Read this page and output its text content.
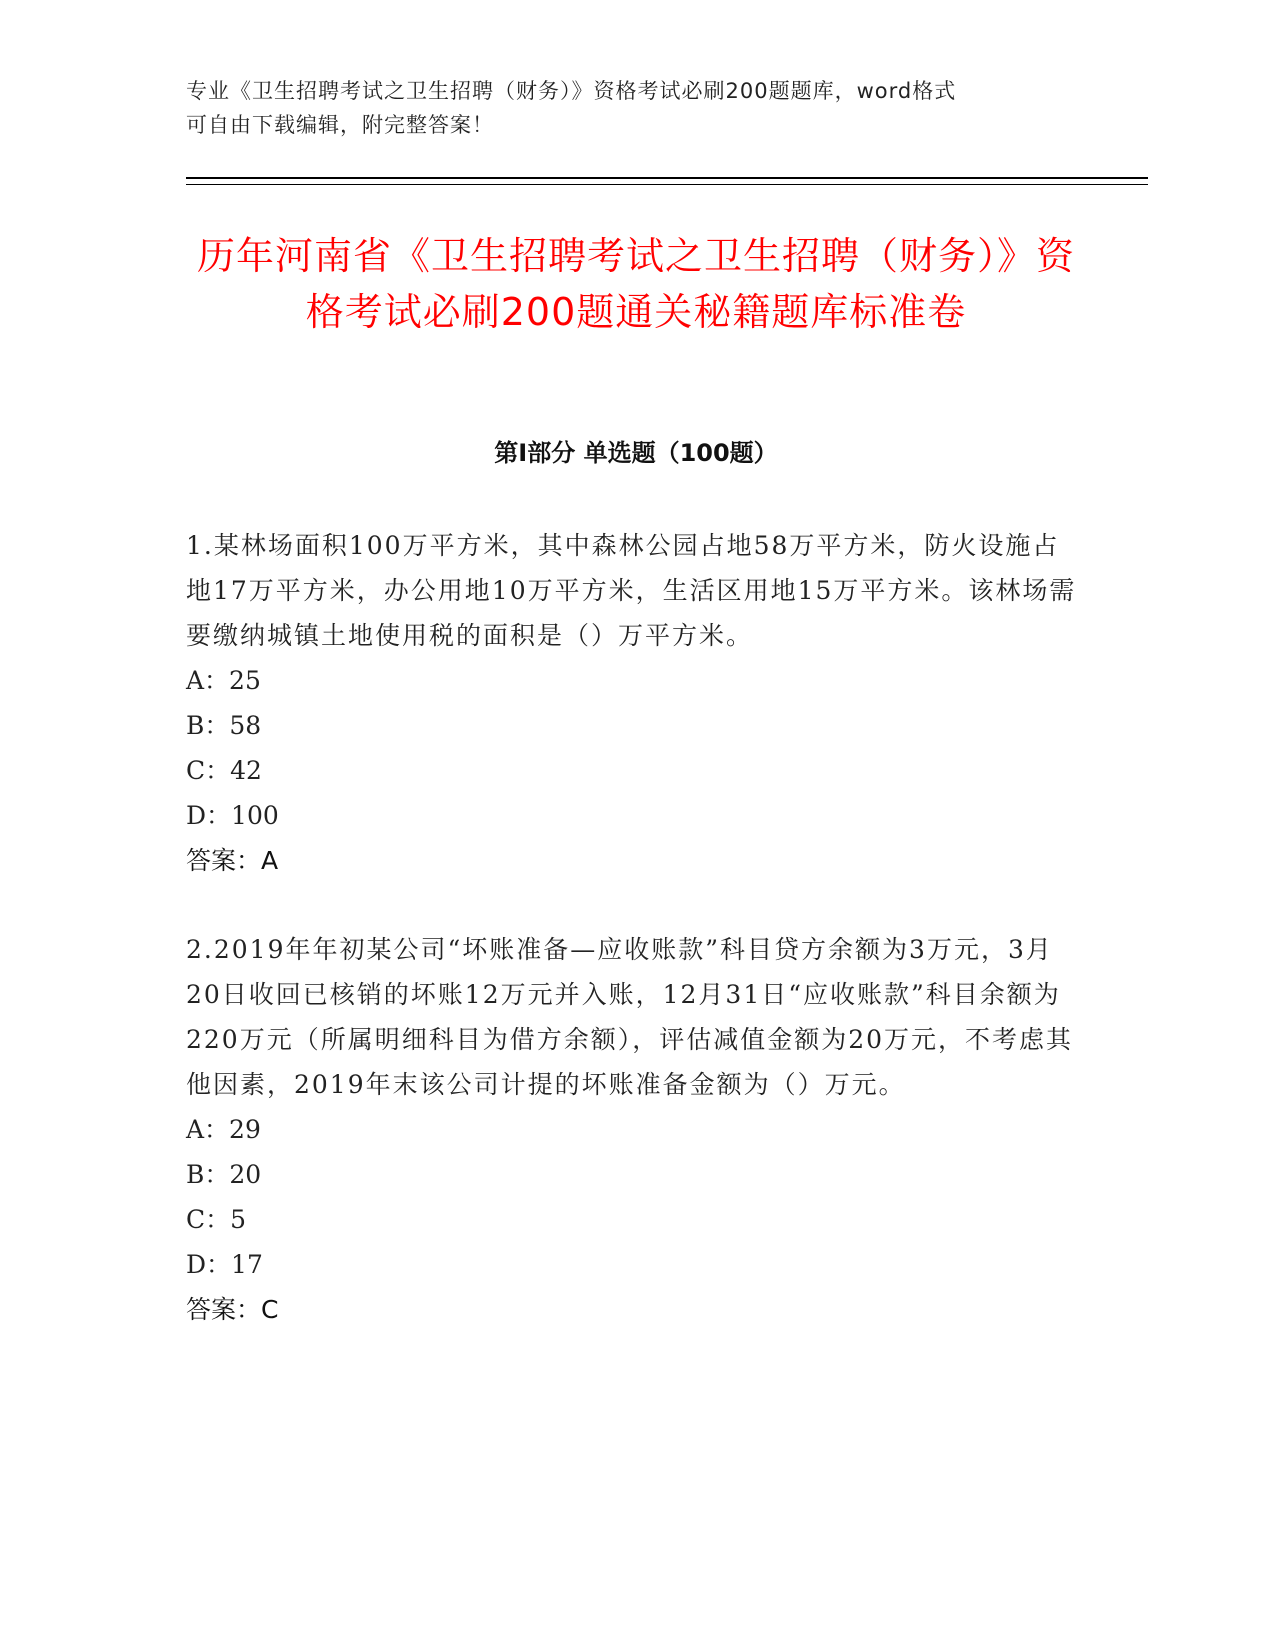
专业《卫生招聘考试之卫生招聘（财务）》资格考试必刷200题题库，word格式
可自由下载编辑，附完整答案！
历年河南省《卫生招聘考试之卫生招聘（财务）》资格考试必刷200题通关秘籍题库标准卷
第I部分 单选题（100题）

1.某林场面积100万平方米，其中森林公园占地58万平方米，防火设施占地17万平方米，办公用地10万平方米，生活区用地15万平方米。该林场需要缴纳城镇土地使用税的面积是（）万平方米。

A：25

B：58

C：42

D：100

答案：A

2.2019年年初某公司“坏账准备—应收账款”科目贷方余额为3万元，3月20日收回已核销的坏账12万元并入账，12月31日“应收账款”科目余额为220万元（所属明细科目为借方余额），评估减值金额为20万元，不考虑其他因素，2019年末该公司计提的坏账准备金额为（）万元。

A：29

B：20

C：5

D：17

答案：C
